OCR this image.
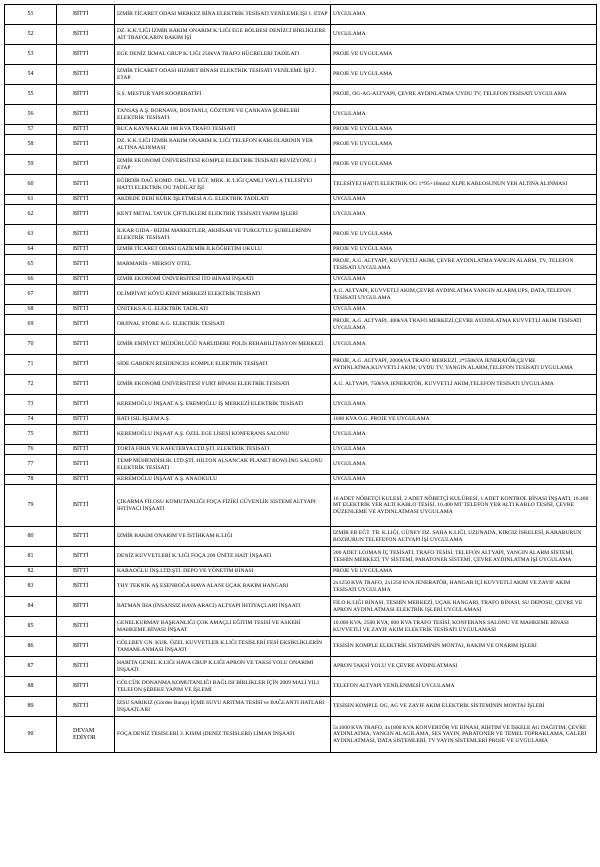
51	BİTTİ	İZMİR TİCARET ODASI MERKEZ BİNA ELEKTRİK TESİSATI YENİLEME İŞİ 1. ETAP	UYGULAMA
52	BİTTİ	DZ. K.K.'LIĞI İZMİR BAKIM ONARIM K.'LIĞI EGE BÖLBESİ DENİZCİ BİRLİKLERE AİT TRAFOLARIN BAKIM İŞİ	UYGULAMA
53	BİTTİ	EGE DENİZ İKMAL GRUP K.'LIĞI 250kVA TRAFO HÜCRELERİ TADİLATI	PROJE VE UYGULAMA
54	BİTTİ	İZMİR TİCARET ODASI HİZMET BİNASI ELEKTRİK TESİSATI YENİLEME İŞİ 2. ETAP	PROJE VE UYGULAMA
55	BİTTİ	S.S. MESTUR YAPI KOOPERATİFİ	PROJE, OG-AG-ALTYAPI, ÇEVRE AYDINLATMA 'UYDU TV, TELEFON TESİSATI UYGULAMA
56	BİTTİ	TANSAŞ A.Ş. BORNAVA, BOSTANLI, GÖZTEPE VE ÇANKAYA ŞUBELERİ ELEKTRİK TESİSATI	UYGULAMA
57	BİTTİ	BUCA KAYNAKLAR 100 KVA TRAFO TESİSATI	PROJE VE UYGULAMA
58	BİTTİ	DZ. K.K.'LIĞI İZMİR BAKIM ONARIM K.'LIĞI TELEFON KABLOLARININ YER ALTINA ALINMASI	PROJE VE UYGULAMA
59	BİTTİ	İZMİR EKONOMİ ÜNİVERSİTESİ KOMPLE ELEKTRİK TESİSATI REVİZYONU 3 ETAP	PROJE VE UYGULAMA
60	BİTTİ	EĞİRDİR DAĞ KOMD. OKL. VE EĞT. MRK. K.'LIĞI ÇAMLI YAYLA TELESİYEJ HATTI ELEKTRİK OG TADİLAT İŞİ	TELESİYEJ HATTI ELEKTRİK OG 1*95+16mm2 XLPE KABLOSUNUN YER ALTINA ALINMASI
61	BİTTİ	AKDEDE DERİ KÜRK İŞLETMESİ A.G. ELEKTRİK TADİLATI	UYGULAMA
62	BİTTİ	KENT METAL TAVUK ÇİFTLİKLERİ ELEKTRİK TESİSATI YAPIM İŞLERİ	UYGULAMA
63	BİTTİ	İLKAR GIDA - BİZİM MARKETLER, AKHİSAR VE TURGUTLU ŞUBELERİNİN ELEKTRİK TESİSATI	PROJE VE UYGULAMA
64	BİTTİ	İZMİR TİCARET ODASI GAZİEMİR İLKÖĞRETİM OKULU	PROJE VE UYGULAMA
65	BİTTİ	MARMARİS - MERSOY OTEL	PROJE, A.G. ALTYAPI, KUVVETLİ AKIM, ÇEVRE AYDINLATMA YANGIN ALARM, TV, TELEFON TESİSATI UYGULAMA
66	BİTTİ	İZMİR EKONOMİ ÜNİVERSİTESİ İTO BİNASI İNŞAATI	UYGULAMA
67	BİTTİ	OLİMPİYAT KÖYÜ KENT MERKEZİ ELEKTRİK TESİSATI	A.G. ALTYAPI, KUVVETLİ AKIM,ÇEVRE AYDINLATMA YANGIN ALARM,UPS, DATA,TELEFON TESİSATI UYGULAMA
68	BİTTİ	ÜNİTEKS A.G. ELEKTRİK TADİLATI	UYGULAMA
69	BİTTİ	ORJINAL STORE A.G. ELEKTRİK TESİSATI	PROJE, A.G. ALTYAPI, 400kVA TRAFO MERKEZİ,ÇEVRE AYDINLATMA KUVVETLİ AKIM TESİSATI UYGULAMA
70	BİTTİ	İZMİR EMNİYET MÜDÜRLÜĞÜ NARLIDERE POLİS REHABİLİTASYON MERKEZİ	UYGULAMA
71	BİTTİ	SİDE GARDEN RESİDENCES KOMPLE ELEKTRİK TESİSATI	PROJE, A.G. ALTYAPI, 2000kVA TRAFO MERKEZİ, 2*550kVA JENERATÖR,ÇEVRE AYDINLATMA,KUVVETLİ AKIM, UYDU TV, YANGIN ALARM,TELEFON TESİSATI UYGULAMA
72	BİTTİ	İZMİR EKONOMİ ÜNİVERSİTESİ YURT BİNASI ELEKTRİK TESİSATI	A.G. ALTYAPI, 750kVA JENERATÖR, KUVVETLİ AKIM,TELEFON TESİSATI UYGULAMA
73	BİTTİ	KEREMOĞLU İNŞAAT A.Ş. EREMOĞLU İŞ MERKEZİ ELEKTRİK TESİSATI	UYGULAMA
74	BİTTİ	BATI ISIL İŞLEM A.Ş.	1600 KVA O.G. PROJE VE UYGULAMA
75	BİTTİ	KEREMOĞLU İNŞAAT A.Ş. ÖZEL EGE LİSESİ KONFERANS SALONU	UYGULAMA
76	BİTTİ	TORTA FIRIN VE KAFETERYA LTD.ŞTİ. ELEKTRİK TESİSATI	UYGULAMA
77	BİTTİ	TEMP MÜHENDİSLİK LTD.ŞTİ. HİLTON ALSANCAK PLANET BOWLİNG SALONU ELEKTRİK TESİSATI	UYGULAMA
78	BİTTİ	KEREMOĞLU İNŞAAT A.Ş. ANAOKULU	UYGULAMA
79	BİTTİ	ÇIKARMA FİLOSU KOMUTANLIĞI FOÇA FİZİKİ GÜVENLİK SİSTEMİ ALTYAPI İHTİYACI İNŞAATI	16 ADET NÖBETÇİ KULESİ, 2 ADET NÖBETÇİ KULÜBESİ, 1 ADET KONTROL BİNASI İNŞAATI, 16.400 MT ELEKTRİK YER ALTI KABLO TESİSİ, 16.400 MT TELEFON YER ALTI KABLO TESİSİ, ÇEVRE DÜZENLEME VE AYDINLATMASI UYGULAMA
80	BİTTİ	İZMİR BAKIM ONARIM VE İSTİHKAM K.LIĞI	İZMİR ER EĞT. TB. K.LIĞI, GÜNEY DZ. SAHA K.LIĞI, UZUNADA, KIRGIZ İSKELESİ, KARABURUN BOZBURUN TELEFEFON ALTYAPI İŞİ UYGULAMA
81	BİTTİ	DENİZ KUVVETLERİ K.'LIĞI FOÇA 200 ÜNİTE HAİT İNŞAATI	200 ADET LOJMAN İÇ TESİSATI, TRAFO TESİSİ, TELEFON ALTYAPI, YANGIN ALARM SİSTEMİ, TESHİN MERKEZİ, TV SİSTEMİ, PARATONER SİSTEMİ, ÇEVRE AYDINLATMA İŞİ UYGULAMA
82	BİTTİ	KARAOĞLU İNŞ.LTD.ŞTİ. DEPO VE YÖNETİM BİNASI	PROJE VE UYGULAMA
83	BİTTİ	THY TEKNİK AŞ ESENBOĞA HAVA ALANI UÇAK BAKIM HANGARI	2x1250 KVA TRAFO, 2x1250 KVA JENERATÖR, HANGAR İÇİ KUVVETLİ AKIM VE ZAYIF AKIM TESİSATI UYGULAMA
84	BİTTİ	BATMAN İHA (İNSANSIZ HAVA ARACI) ALTYAPI İHTİYAÇLARI İNŞAATI	FİLO K.LIĞI BİNASI, TESHİN MERKEZİ, UÇAK HANGARI, TRAFO BİNASI, SU DEPOSU, ÇEVRE VE APRON AYDINLATMASI ELEKTRİK İŞLERİ UYGULAMASI
85	BİTTİ	GENELKURMAY BAŞKANLIĞI ÇOK AMAÇLI EĞİTİM TESİSİ VE ASKERİ MAHKEME BİNASI İNŞAAT	10.000 KVA, 2500 KVA, 800 KVA TRAFO TESİSİ, KONFERANS SALONU VE MAHKEME BİNASI KUVVETLİ VE ZAYIF AKIM ELEKTRİK TESİSATI UYGULAMASI
86	BİTTİ	GÖLLBEY GN. KUR. ÖZEL KUVVETLER K.LIĞI TESİSLERİ FESİ EKSİKLİKLERİN TAMAMLANMASI İNŞAATI	TESİSİN KOMPLE ELEKTRİK SİSTEMİNİN MONTAJ, BAKIM VE ONARIM İŞLERİ
87	BİTTİ	HARİTA GENEL K.LIĞI HAVA GRUP K.LIĞI APRON VE TAKSİ YOLU ONARIMI İNŞAATI	APRON TAKSİ YOLU VE ÇEVRE AYDINLATMASI
88	BİTTİ	GÖLCÜK DONANMA KOMUTANLIĞI BAĞLISI BİRLİKLER İÇİN 2009 MALİ YILI TELEFON ŞEBEKE YAPIM VE İŞLEMİ	TELEFON ALTYAPI YENİLENMESİ UYGULAMA
89	BİTTİ	İZSU SARIKIZ (Gördes Barajı) İÇME SUYU ARITMA TESİSİ ve BAĞLANTI HATLARI İNŞAATLARI	TESİSİN KOMPLE OG, AG VE ZAYIF AKIM ELEKTRİK SİSTEMİNİN MONTAJ İŞLERİ
90	DEVAM EDİYOR	FOÇA DENİZ TESİSLERİ 3. KISIM (DENİZ TESİSLERİ) LİMAN İNŞAATI	5x1600 KVA TRAFO, 4x1800 KVA KONVERTÖR VE BİNASI, RIHTIM VE İSKELE AG DAĞITIM, ÇEVRE AYDINLATMA, YANGIN ALAGILAMA, SES YAYIN, PARATONER VE TEMEL TOPRAKLAMA, GALERİ AYDINLATMASI, DATA SİSTEMLERİ, TV YAYIN SİSTEMLERİ PROJE VE UYGULAMA
